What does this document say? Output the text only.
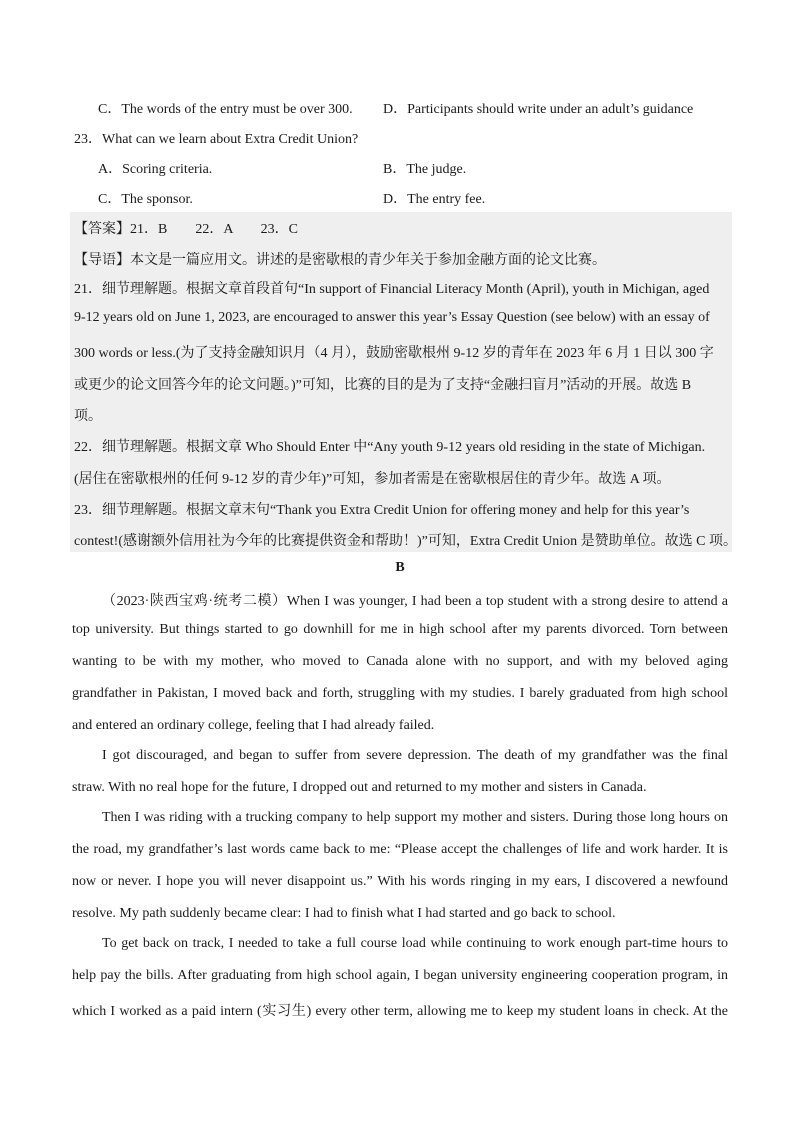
C．The words of the entry must be over 300. D．Participants should write under an adult’s guidance
23．What can we learn about Extra Credit Union?
A．Scoring criteria.	B．The judge.
C．The sponsor.	D．The entry fee.
【答案】21．B　　22．A　　23．C
【导语】本文是一篇应用文。讲述的是密歇根的青少年关于参加金融方面的论文比赛。
21．细节理解题。根据文章首段首句“In support of Financial Literacy Month (April), youth in Michigan, aged
9-12 years old on June 1, 2023, are encouraged to answer this year’s Essay Question (see below) with an essay of
300 words or less.(为了支持金融知识月（4 月），鼓励密歇根州 9-12 岁的青年在 2023 年 6 月 1 日以 300 字
或更少的论文回答今年的论文问题。)”可知，比赛的目的是为了支持“金融扫盲月”活动的开展。故选 B
项。
22．细节理解题。根据文章 Who Should Enter 中“Any youth 9-12 years old residing in the state of Michigan.
(居住在密歇根州的任何 9-12 岁的青少年)”可知，参加者需是在密歇根居住的青少年。故选 A 项。
23．细节理解题。根据文章末句“Thank you Extra Credit Union for offering money and help for this year’s
contest!(感谢额外信用社为今年的比赛提供资金和帮助！)”可知，Extra Credit Union 是赞助单位。故选 C 项。
B
（2023·陕西宝鸡·统考二模）When I was younger, I had been a top student with a strong desire to attend a
top university. But things started to go downhill for me in high school after my parents divorced. Torn between
wanting to be with my mother, who moved to Canada alone with no support, and with my beloved aging
grandfather in Pakistan, I moved back and forth, struggling with my studies. I barely graduated from high school
and entered an ordinary college, feeling that I had already failed.
I got discouraged, and began to suffer from severe depression. The death of my grandfather was the final
straw. With no real hope for the future, I dropped out and returned to my mother and sisters in Canada.
Then I was riding with a trucking company to help support my mother and sisters. During those long hours on
the road, my grandfather’s last words came back to me: “Please accept the challenges of life and work harder. It is
now or never. I hope you will never disappoint us.” With his words ringing in my ears, I discovered a newfound
resolve. My path suddenly became clear: I had to finish what I had started and go back to school.
To get back on track, I needed to take a full course load while continuing to work enough part-time hours to
help pay the bills. After graduating from high school again, I began university engineering cooperation program, in
which I worked as a paid intern (实习生) every other term, allowing me to keep my student loans in check. At the
